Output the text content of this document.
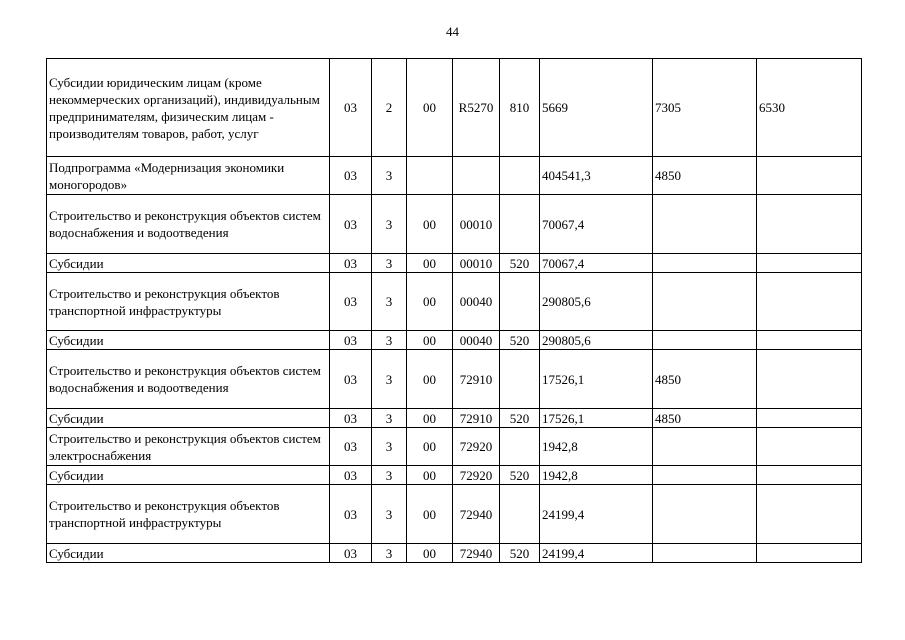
44
Субсидии юридическим лицам (кроме некоммерческих организаций), индивидуальным предпринимателям, физическим лицам - производителям товаров, работ, услуг	03	2	00	R5270	810	5669	7305	6530
Подпрограмма «Модернизация экономики моногородов»	03	3				404541,3	4850	
Строительство и реконструкция объектов систем водоснабжения и водоотведения	03	3	00	00010		70067,4		
Субсидии	03	3	00	00010	520	70067,4		
Строительство и реконструкция объектов транспортной инфраструктуры	03	3	00	00040		290805,6		
Субсидии	03	3	00	00040	520	290805,6		
Строительство и реконструкция объектов систем водоснабжения и водоотведения	03	3	00	72910		17526,1	4850	
Субсидии	03	3	00	72910	520	17526,1	4850	
Строительство и реконструкция объектов систем электроснабжения	03	3	00	72920		1942,8		
Субсидии	03	3	00	72920	520	1942,8		
Строительство и реконструкция объектов транспортной инфраструктуры	03	3	00	72940		24199,4		
Субсидии	03	3	00	72940	520	24199,4		
